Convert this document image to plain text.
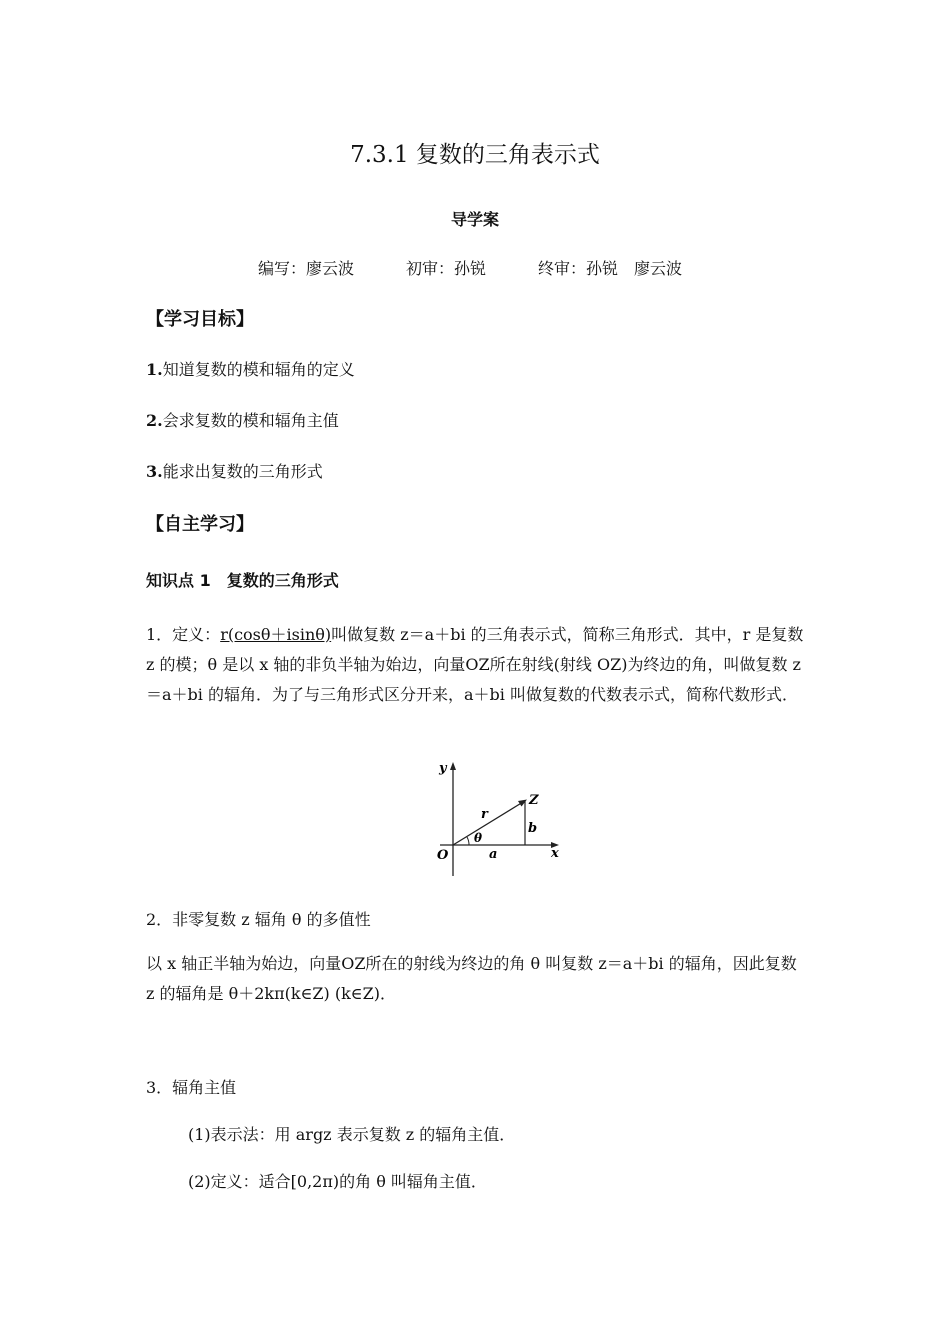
7.3.1 复数的三角表示式
导学案
编写：廖云波	初审：孙锐	终审：孙锐　廖云波
【学习目标】
1.知道复数的模和辐角的定义
2.会求复数的模和辐角主值
3.能求出复数的三角形式
【自主学习】
知识点 1　复数的三角形式
1．定义：r(cosθ＋isinθ)叫做复数 z＝a＋bi 的三角表示式，简称三角形式．其中，r 是复数 z 的模；θ 是以 x 轴的非负半轴为始边，向量OZ所在射线(射线 OZ)为终边的角，叫做复数 z＝a＋bi 的辐角．为了与三角形式区分开来，a＋bi 叫做复数的代数表示式，简称代数形式．
y
x
O
Z
r
θ
a
b
2．非零复数 z 辐角 θ 的多值性
以 x 轴正半轴为始边，向量OZ所在的射线为终边的角 θ 叫复数 z＝a＋bi 的辐角，因此复数 z 的辐角是 θ＋2kπ(k∈Z) (k∈Z)．
3．辐角主值
(1)表示法：用 argz 表示复数 z 的辐角主值．
(2)定义：适合[0,2π)的角 θ 叫辐角主值．
